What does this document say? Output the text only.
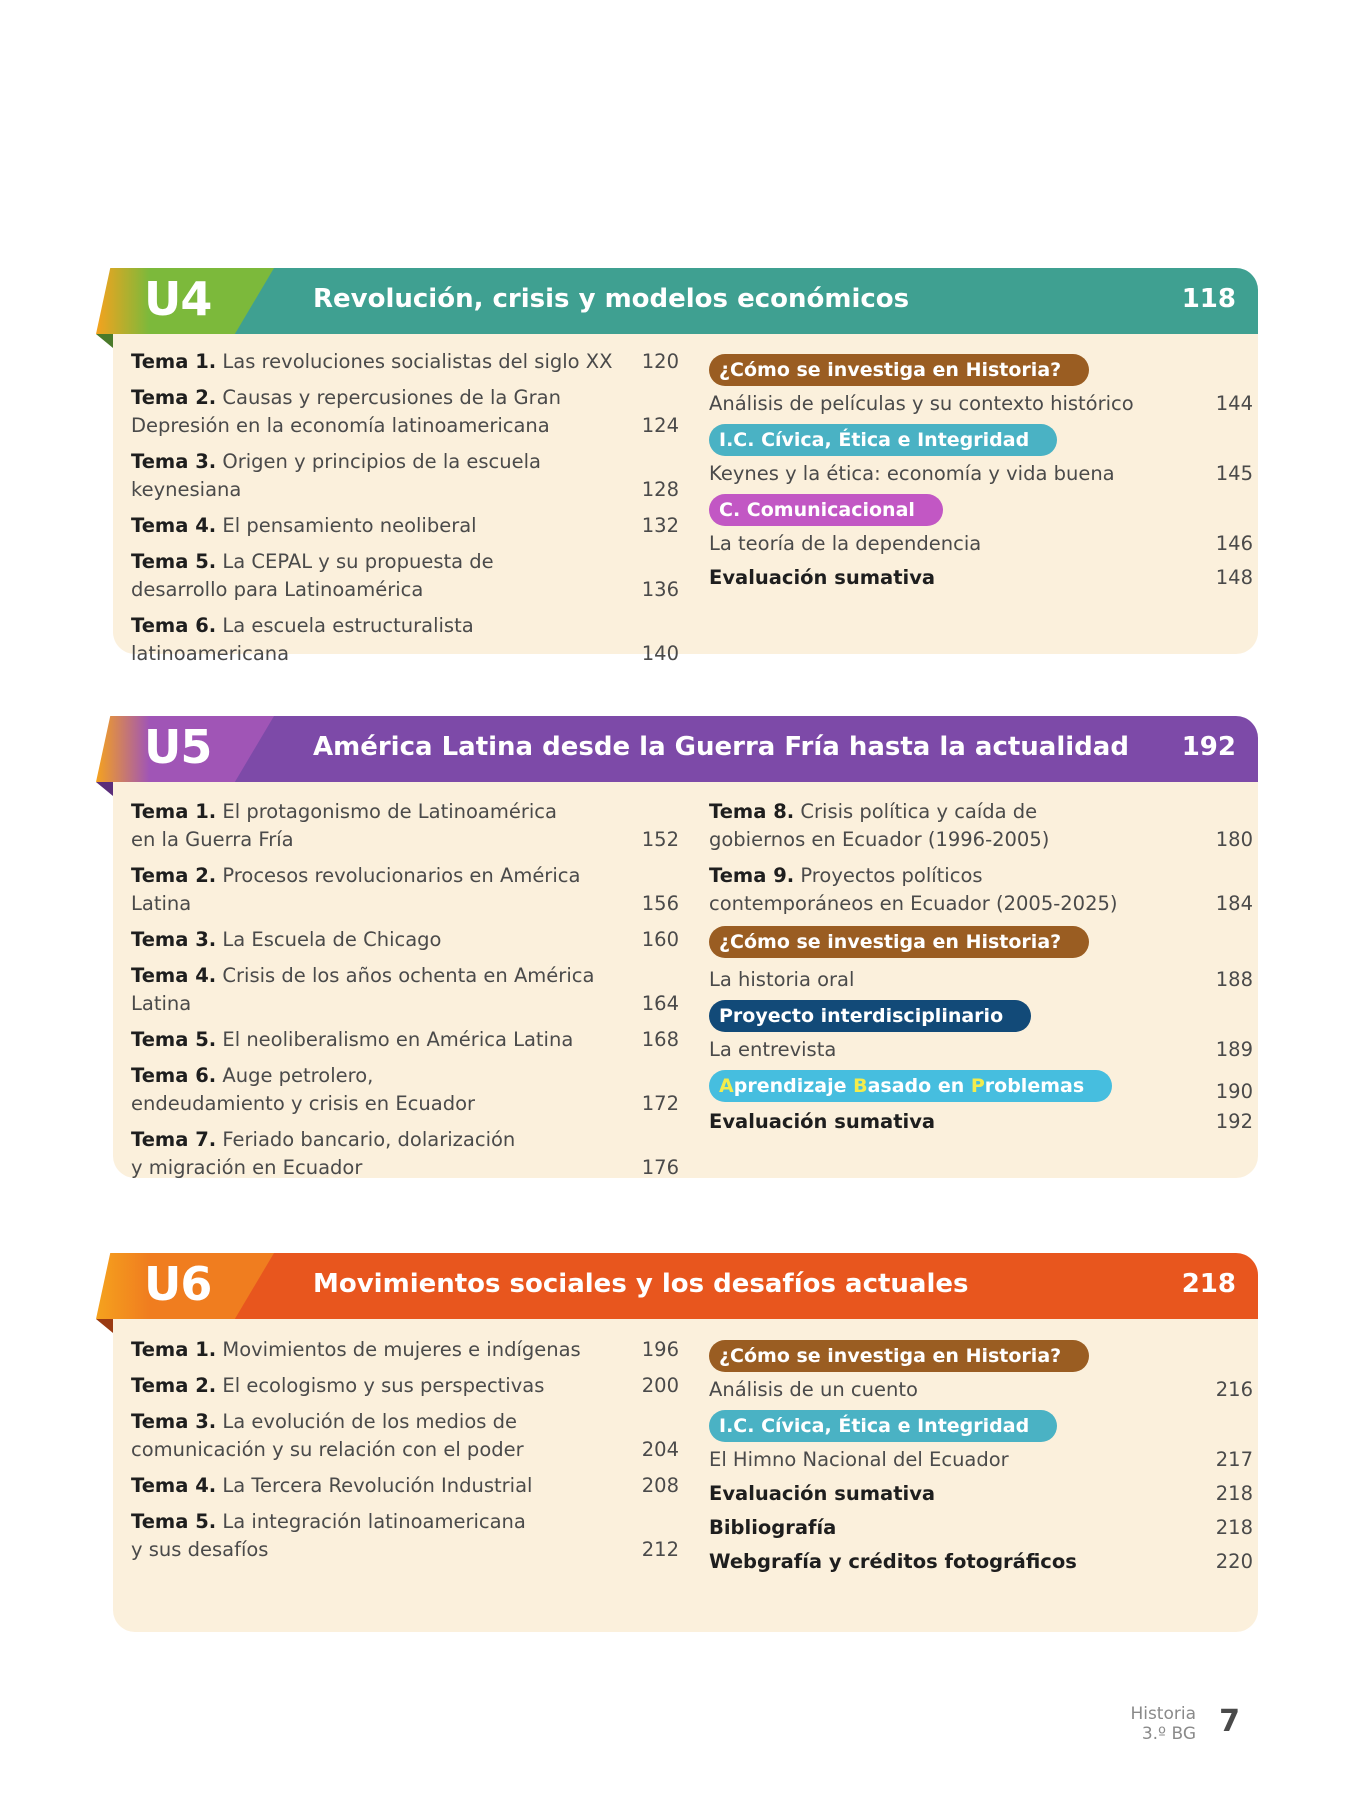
Revolución, crisis y modelos económicos	118
U4
Tema 1. Las revoluciones socialistas del siglo XX	120
Tema 2. Causas y repercusiones de la Gran Depresión en la economía latinoamericana	124
Tema 3. Origen y principios de la escuela keynesiana	128
Tema 4. El pensamiento neoliberal	132
Tema 5. La CEPAL y su propuesta de desarrollo para Latinoamérica	136
Tema 6. La escuela estructuralista latinoamericana	140
¿Cómo se investiga en Historia?
Análisis de películas y su contexto histórico	144
I.C. Cívica, Ética e Integridad
Keynes y la ética: economía y vida buena	145
C. Comunicacional
La teoría de la dependencia	146
Evaluación sumativa	148
América Latina desde la Guerra Fría hasta la actualidad 192
U5
Tema 1. El protagonismo de Latinoamérica en la Guerra Fría	152
Tema 2. Procesos revolucionarios en América Latina	156
Tema 3. La Escuela de Chicago	160
Tema 4. Crisis de los años ochenta en América Latina	164
Tema 5. El neoliberalismo en América Latina	168
Tema 6. Auge petrolero, endeudamiento y crisis en Ecuador	172
Tema 7. Feriado bancario, dolarización y migración en Ecuador	176
Tema 8. Crisis política y caída de gobiernos en Ecuador (1996-2005)	180
Tema 9. Proyectos políticos contemporáneos en Ecuador (2005-2025)	184
¿Cómo se investiga en Historia?
La historia oral	188
Proyecto interdisciplinario
La entrevista	189
Aprendizaje Basado en Problemas	190
Evaluación sumativa	192
Movimientos sociales y los desafíos actuales	218
U6
Tema 1. Movimientos de mujeres e indígenas	196
Tema 2. El ecologismo y sus perspectivas	200
Tema 3. La evolución de los medios de comunicación y su relación con el poder	204
Tema 4. La Tercera Revolución Industrial	208
Tema 5. La integración latinoamericana y sus desafíos	212
¿Cómo se investiga en Historia?
Análisis de un cuento	216
I.C. Cívica, Ética e Integridad
El Himno Nacional del Ecuador	217
Evaluación sumativa	218
Bibliografía	218
Webgrafía y créditos fotográficos	220
Historia
3.º BG 7
